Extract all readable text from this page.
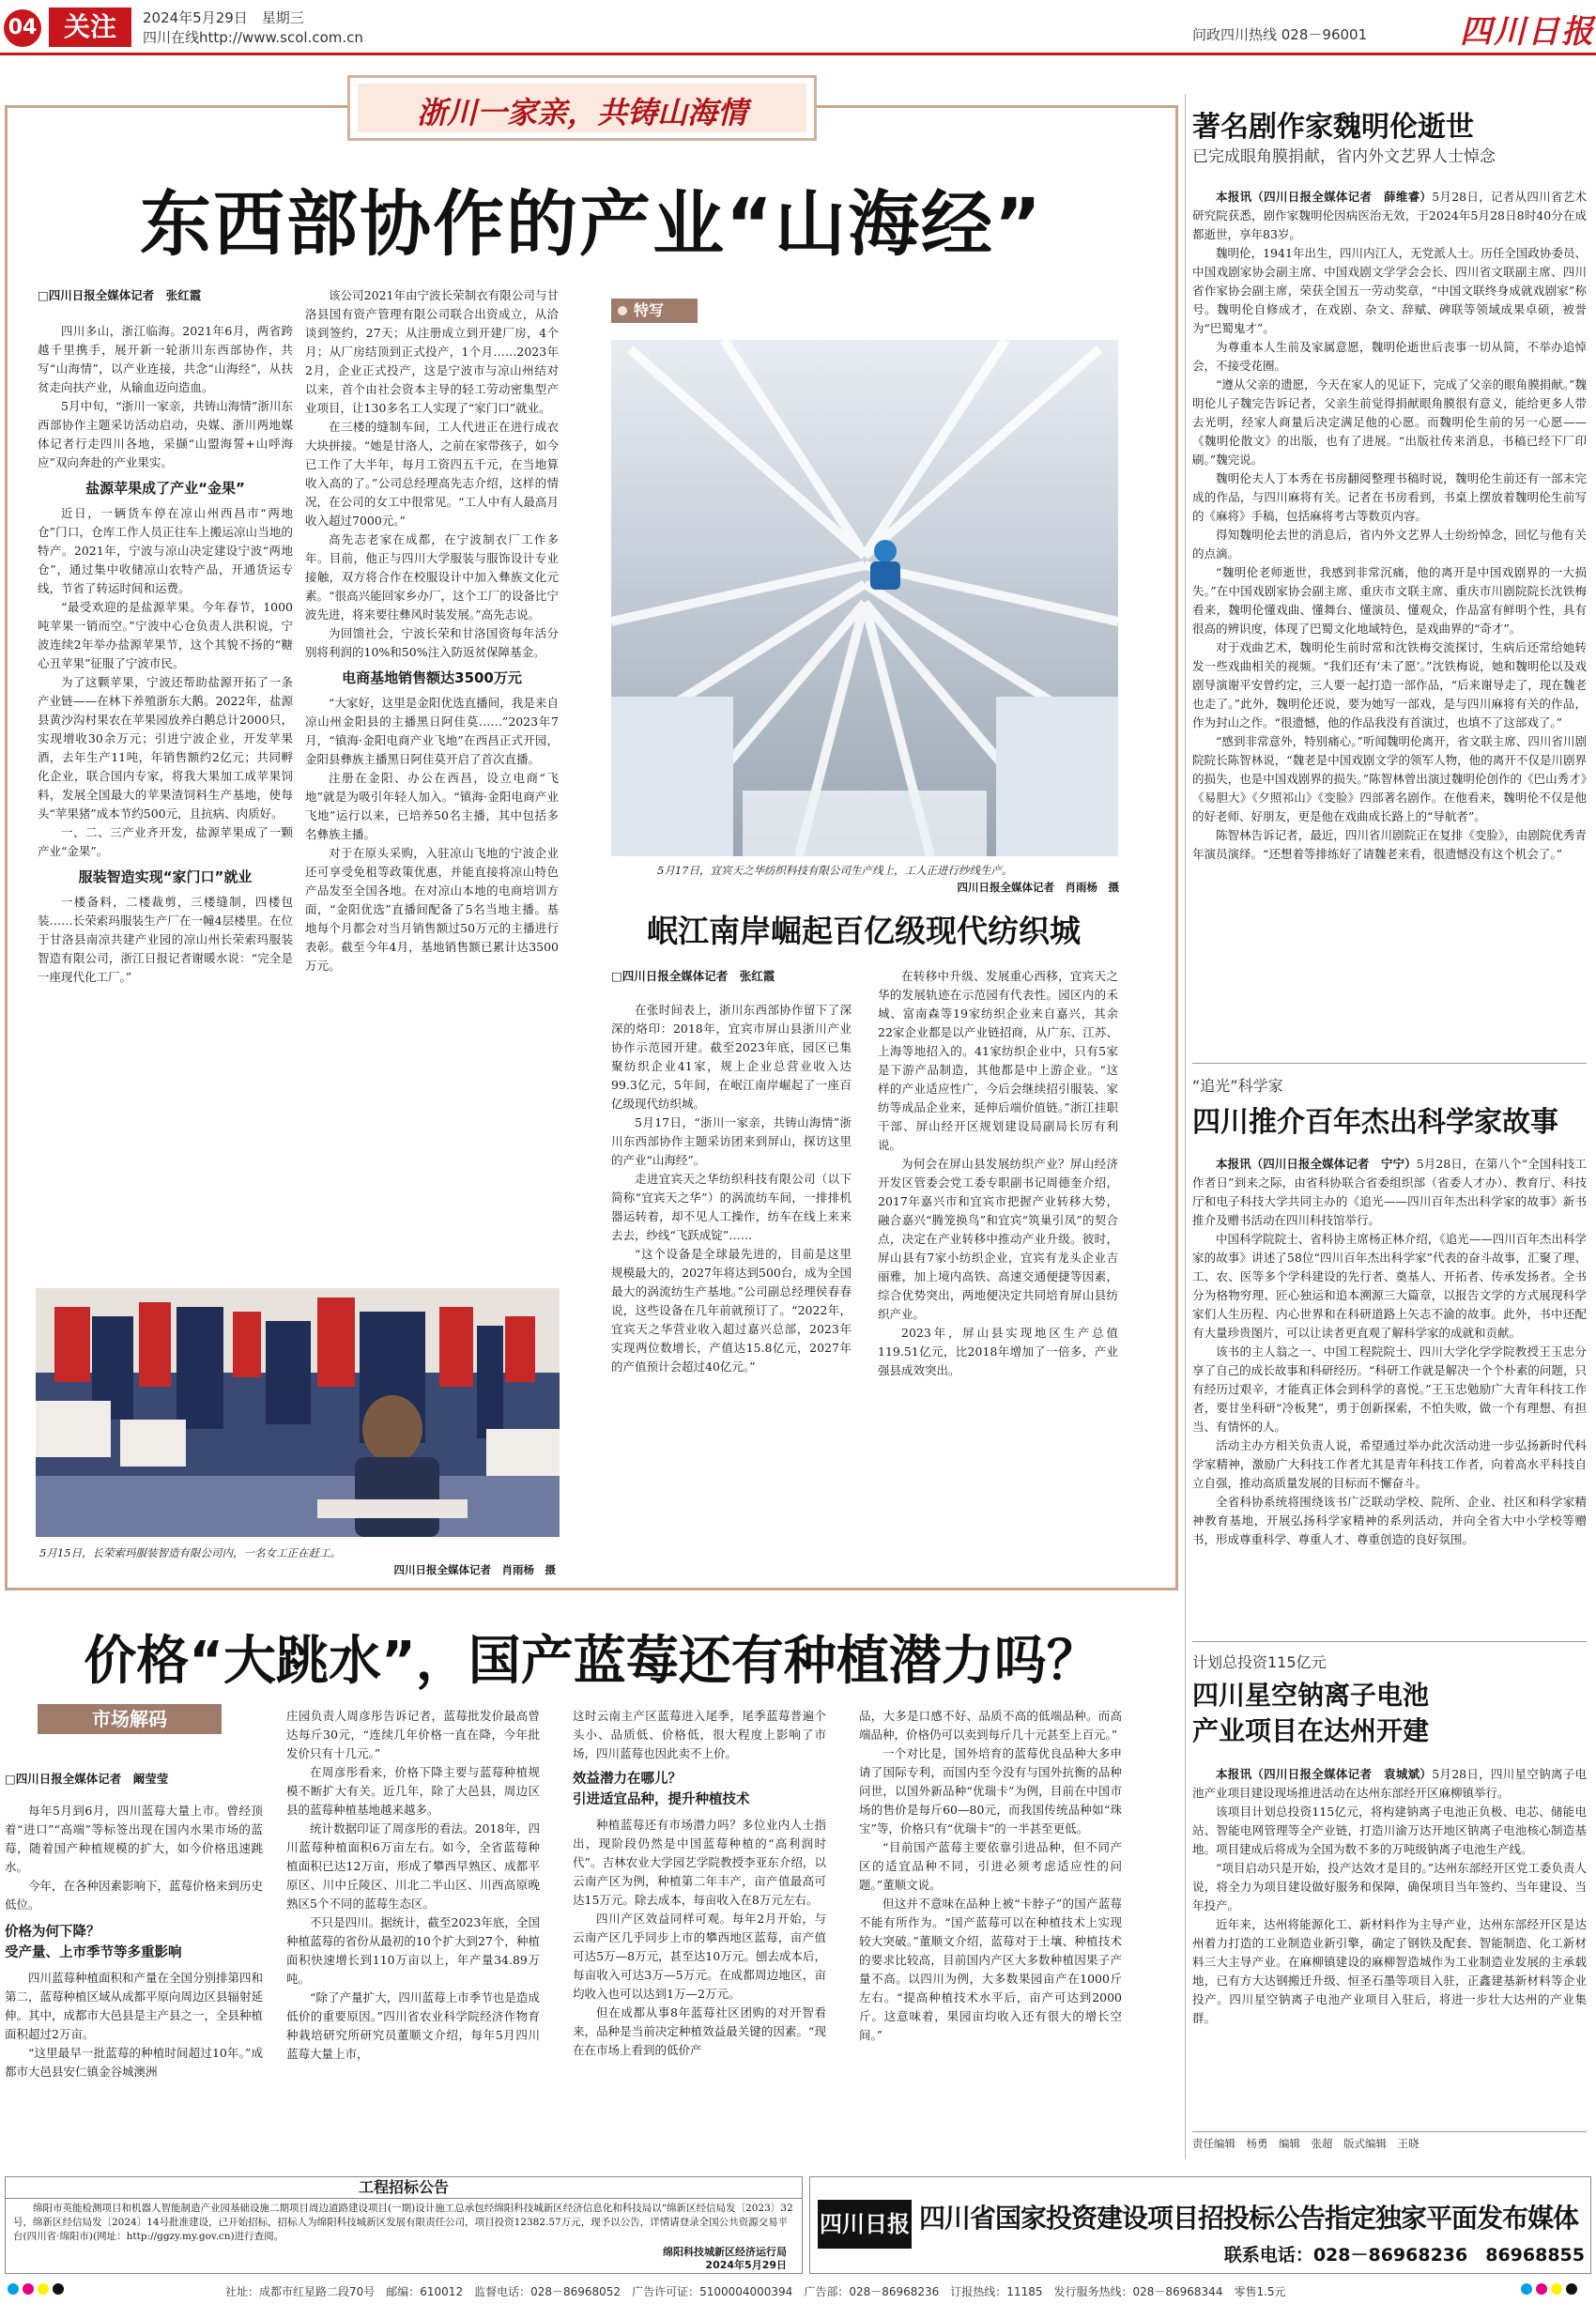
04	关注	2024年5月29日　星期三
四川在线http://www.scol.com.cn	问政四川热线 028－96001	四川日报
浙川一家亲，共铸山海情
东西部协作的产业“山海经”
□四川日报全媒体记者　张红霞

四川多山，浙江临海。2021年6月，两省跨越千里携手，展开新一轮浙川东西部协作，共写“山海情”，以产业连接，共念“山海经”，从扶贫走向扶产业，从输血迈向造血。

5月中旬，“浙川一家亲，共铸山海情”浙川东西部协作主题采访活动启动，央媒、浙川两地媒体记者行走四川各地，采撷“山盟海誓+山呼海应”双向奔赴的产业果实。

盐源苹果成了产业“金果”

近日，一辆货车停在凉山州西昌市“两地仓”门口，仓库工作人员正往车上搬运凉山当地的特产。2021年，宁波与凉山决定建设宁波“两地仓”，通过集中收储凉山农特产品，开通货运专线，节省了转运时间和运费。

“最受欢迎的是盐源苹果。今年春节，1000吨苹果一销而空。”宁波中心仓负责人洪积说，宁波连续2年举办盐源苹果节，这个其貌不扬的“糖心丑苹果”征服了宁波市民。

为了这颗苹果，宁波还帮助盐源开拓了一条产业链——在林下养殖浙东大鹅。2022年，盐源县黄沙沟村果农在苹果园放养白鹅总计2000只，实现增收30余万元；引进宁波企业，开发苹果酒，去年生产11吨，年销售额约2亿元；共同孵化企业，联合国内专家，将我大果加工成苹果饲料，发展全国最大的苹果渣饲料生产基地，使每头“苹果猪”成本节约500元，且抗病、肉质好。

一、二、三产业齐开发，盐源苹果成了一颗产业“金果”。

服装智造实现“家门口”就业

一楼备料，二楼裁剪，三楼缝制，四楼包装……长荣索玛服装生产厂在一幢4层楼里。在位于甘洛县南凉共建产业园的凉山州长荣索玛服装智造有限公司，浙江日报记者谢暖水说：“完全是一座现代化工厂。”

该公司2021年由宁波长荣制衣有限公司与甘洛县国有资产管理有限公司联合出资成立，从洽谈到签约，27天；从注册成立到开建厂房，4个月；从厂房结顶到正式投产，1个月……2023年2月，企业正式投产，这是宁波市与凉山州结对以来，首个由社会资本主导的轻工劳动密集型产业项目，让130多名工人实现了“家门口”就业。

在三楼的缝制车间，工人代进正在进行成衣大块拼接。“她是甘洛人，之前在家带孩子，如今已工作了大半年，每月工资四五千元，在当地算收入高的了。”公司总经理高先志介绍，这样的情况，在公司的女工中很常见。“工人中有人最高月收入超过7000元。”

高先志老家在成都，在宁波制衣厂工作多年。目前，他正与四川大学服装与服饰设计专业接触，双方将合作在校服设计中加入彝族文化元素。“很高兴能回家乡办厂，这个工厂的设备比宁波先进，将来要往彝风时装发展。”高先志说。

为回馈社会，宁波长荣和甘洛国资每年活分别将利润的10%和50%注入防返贫保障基金。

电商基地销售额达3500万元

“大家好，这里是金阳优选直播间，我是来自凉山州金阳县的主播黑日阿佳莫……”2023年7月，“镇海·金阳电商产业飞地”在西昌正式开园，金阳县彝族主播黑日阿佳莫开启了首次直播。

注册在金阳、办公在西昌，设立电商“飞地”就是为吸引年轻人加入。“镇海·金阳电商产业飞地”运行以来，已培养50名主播，其中包括多名彝族主播。

对于在原头采购，入驻凉山飞地的宁波企业还可享受免租等政策优惠，并能直接将凉山特色产品发至全国各地。在对凉山本地的电商培训方面，“金阳优选”直播间配备了5名当地主播。基地每个月都会对当月销售额过50万元的主播进行表彰。截至今年4月，基地销售额已累计达3500万元。

5月15日，长荣索玛服装智造有限公司内，一名女工正在赶工。
四川日报全媒体记者　肖雨杨　摄
特写
5月17日，宜宾天之华纺织科技有限公司生产线上，工人正进行纱线生产。
四川日报全媒体记者　肖雨杨　摄
岷江南岸崛起百亿级现代纺织城
□四川日报全媒体记者　张红霞

在张时间表上，浙川东西部协作留下了深深的烙印：2018年，宜宾市屏山县浙川产业协作示范园开建。截至2023年底，园区已集聚纺织企业41家，规上企业总营业收入达99.3亿元，5年间，在岷江南岸崛起了一座百亿级现代纺织城。

5月17日，“浙川一家亲，共铸山海情”浙川东西部协作主题采访团来到屏山，探访这里的产业“山海经”。

走进宜宾天之华纺织科技有限公司（以下简称“宜宾天之华”）的涡流纺车间，一排排机器运转着，却不见人工操作，纺车在线上来来去去，纱线“飞跃成锭”……

“这个设备是全球最先进的，目前是这里规模最大的，2027年将达到500台，成为全国最大的涡流纺生产基地。”公司副总经理侯春春说，这些设备在几年前就预订了。“2022年，宜宾天之华营业收入超过嘉兴总部，2023年实现两位数增长，产值达15.8亿元，2027年的产值预计会超过40亿元。”

在转移中升级、发展重心西移，宜宾天之华的发展轨迹在示范园有代表性。园区内的禾城、富南森等19家纺织企业来自嘉兴，其余22家企业都是以产业链招商，从广东、江苏、上海等地招入的。41家纺织企业中，只有5家是下游产品制造，其他都是中上游企业。“这样的产业适应性广，今后会继续招引服装、家纺等成品企业来，延伸后端价值链。”浙江挂职干部、屏山经开区规划建设局副局长厉有利说。

为何会在屏山县发展纺织产业？屏山经济开发区管委会党工委专职副书记周德奎介绍，2017年嘉兴市和宜宾市把握产业转移大势，融合嘉兴“腾笼换鸟”和宜宾“筑巢引凤”的契合点，决定在产业转移中推动产业升级。彼时，屏山县有7家小纺织企业，宜宾有龙头企业吉丽雅，加上境内高铁、高速交通便捷等因素，综合优势突出，两地便决定共同培育屏山县纺织产业。

2023年，屏山县实现地区生产总值119.51亿元，比2018年增加了一倍多，产业强县成效突出。

著名剧作家魏明伦逝世
已完成眼角膜捐献，省内外文艺界人士悼念

本报讯（四川日报全媒体记者　薛维睿）5月28日，记者从四川省艺术研究院获悉，剧作家魏明伦因病医治无效，于2024年5月28日8时40分在成都逝世，享年83岁。

魏明伦，1941年出生，四川内江人，无党派人士。历任全国政协委员、中国戏剧家协会副主席、中国戏剧文学学会会长、四川省文联副主席、四川省作家协会副主席，荣获全国五一劳动奖章，“中国文联终身成就戏剧家”称号。魏明伦自修成才，在戏剧、杂文、辞赋、碑联等领域成果卓硕，被誉为“巴蜀鬼才”。

为尊重本人生前及家属意愿，魏明伦逝世后丧事一切从简，不举办追悼会，不接受花圈。

“遵从父亲的遗愿，今天在家人的见证下，完成了父亲的眼角膜捐献。”魏明伦儿子魏完告诉记者，父亲生前觉得捐献眼角膜很有意义，能给更多人带去光明，经家人商量后决定满足他的心愿。而魏明伦生前的另一心愿——《魏明伦散文》的出版，也有了进展。“出版社传来消息，书稿已经下厂印刷。”魏完说。

魏明伦夫人丁本秀在书房翻阅整理书稿时说，魏明伦生前还有一部未完成的作品，与四川麻将有关。记者在书房看到，书桌上摆放着魏明伦生前写的《麻将》手稿，包括麻将考古等数页内容。

得知魏明伦去世的消息后，省内外文艺界人士纷纷悼念，回忆与他有关的点滴。

“魏明伦老师逝世，我感到非常沉痛，他的离开是中国戏剧界的一大损失。”在中国戏剧家协会副主席、重庆市文联主席、重庆市川剧院院长沈铁梅看来，魏明伦懂戏曲、懂舞台、懂演员、懂观众，作品富有鲜明个性，具有很高的辨识度，体现了巴蜀文化地域特色，是戏曲界的“奇才”。

对于戏曲艺术，魏明伦生前时常和沈铁梅交流探讨，生病后还常给她转发一些戏曲相关的视频。“我们还有‘未了愿’。”沈铁梅说，她和魏明伦以及戏剧导演谢平安曾约定，三人要一起打造一部作品，“后来谢导走了，现在魏老也走了。”此外，魏明伦还说，要为她写一部戏，是与四川麻将有关的作品，作为封山之作。“很遗憾，他的作品我没有首演过，也填不了这部戏了。”

“感到非常意外，特别痛心。”听闻魏明伦离开，省文联主席、四川省川剧院院长陈智林说，“魏老是中国戏剧文学的领军人物，他的离开不仅是川剧界的损失，也是中国戏剧界的损失。”陈智林曾出演过魏明伦创作的《巴山秀才》《易胆大》《夕照祁山》《变脸》四部著名剧作。在他看来，魏明伦不仅是他的好老师、好朋友，更是他在戏曲成长路上的“导航者”。

陈智林告诉记者，最近，四川省川剧院正在复排《变脸》，由剧院优秀青年演员演绎。“还想着等排练好了请魏老来看，很遗憾没有这个机会了。”

“追光”科学家
四川推介百年杰出科学家故事

本报讯（四川日报全媒体记者　宁宁）5月28日，在第八个“全国科技工作者日”到来之际，由省科协联合省委组织部（省委人才办）、教育厅、科技厅和电子科技大学共同主办的《追光——四川百年杰出科学家的故事》新书推介及赠书活动在四川科技馆举行。

中国科学院院士、省科协主席杨正林介绍，《追光——四川百年杰出科学家的故事》讲述了58位“四川百年杰出科学家”代表的奋斗故事，汇聚了理、工、农、医等多个学科建设的先行者、奠基人、开拓者、传承发扬者。全书分为格物穷理、匠心独运和追本溯源三大篇章，以报告文学的方式展现科学家们人生历程、内心世界和在科研道路上矢志不渝的故事。此外，书中还配有大量珍贵图片，可以让读者更直观了解科学家的成就和贡献。

该书的主人翁之一、中国工程院院士、四川大学化学学院教授王玉忠分享了自己的成长故事和科研经历。“科研工作就是解决一个个朴素的问题，只有经历过艰辛，才能真正体会到科学的喜悦。”王玉忠勉励广大青年科技工作者，要甘坐科研“冷板凳”，勇于创新探索，不怕失败，做一个有理想、有担当、有情怀的人。

活动主办方相关负责人说，希望通过举办此次活动进一步弘扬新时代科学家精神，激励广大科技工作者尤其是青年科技工作者，向着高水平科技自立自强，推动高质量发展的目标而不懈奋斗。

全省科协系统将围绕该书广泛联动学校、院所、企业、社区和科学家精神教育基地，开展弘扬科学家精神的系列活动，并向全省大中小学校等赠书，形成尊重科学、尊重人才、尊重创造的良好氛围。

计划总投资115亿元
四川星空钠离子电池
产业项目在达州开建

本报讯（四川日报全媒体记者　袁城斌）5月28日，四川星空钠离子电池产业项目建设现场推进活动在达州东部经开区麻柳镇举行。

该项目计划总投资115亿元，将构建钠离子电池正负极、电芯、储能电站、智能电网管理等全产业链，打造川渝万达开地区钠离子电池核心制造基地。项目建成后将成为全国为数不多的万吨级钠离子电池生产线。

“项目启动只是开始，投产达效才是目的。”达州东部经开区党工委负责人说，将全力为项目建设做好服务和保障，确保项目当年签约、当年建设、当年投产。

近年来，达州将能源化工、新材料作为主导产业，达州东部经开区是达州着力打造的工业制造业新引擎，确定了钢铁及配套、智能制造、化工新材料三大主导产业。在麻柳镇建设的麻柳智造城作为工业制造业发展的主承载地，已有方大达钢搬迁升级、恒圣石墨等项目入驻，正鑫建基新材料等企业投产。四川星空钠离子电池产业项目入驻后，将进一步壮大达州的产业集群。

责任编辑　杨勇　编辑　张超　版式编辑　王晓
价格“大跳水”，国产蓝莓还有种植潜力吗？
市场解码
□四川日报全媒体记者　阚莹莹

每年5月到6月，四川蓝莓大量上市。曾经顶着“进口”“高端”等标签出现在国内水果市场的蓝莓，随着国产种植规模的扩大，如今价格迅速跳水。

今年，在各种因素影响下，蓝莓价格来到历史低位。

价格为何下降？
受产量、上市季节等多重影响

四川蓝莓种植面积和产量在全国分别排第四和第二，蓝莓种植区域从成都平原向周边区县辐射延伸。其中，成都市大邑县是主产县之一，全县种植面积超过2万亩。

“这里最早一批蓝莓的种植时间超过10年。”成都市大邑县安仁镇金谷城澳洲

庄园负责人周彦彤告诉记者，蓝莓批发价最高曾达每斤30元，“连续几年价格一直在降，今年批发价只有十几元。”

在周彦彤看来，价格下降主要与蓝莓种植规模不断扩大有关。近几年，除了大邑县，周边区县的蓝莓种植基地越来越多。

统计数据印证了周彦彤的看法。2018年，四川蓝莓种植面积6万亩左右。如今，全省蓝莓种植面积已达12万亩，形成了攀西早熟区、成都平原区、川中丘陵区、川北二半山区、川西高原晚熟区5个不同的蓝莓生态区。

不只是四川。据统计，截至2023年底，全国种植蓝莓的省份从最初的10个扩大到27个，种植面积快速增长到110万亩以上，年产量34.89万吨。

“除了产量扩大，四川蓝莓上市季节也是造成低价的重要原因。”四川省农业科学院经济作物育种栽培研究所研究员董顺文介绍，每年5月四川蓝莓大量上市，

这时云南主产区蓝莓进入尾季，尾季蓝莓普遍个头小、品质低、价格低，很大程度上影响了市场，四川蓝莓也因此卖不上价。

效益潜力在哪儿？
引进适宜品种，提升种植技术

种植蓝莓还有市场潜力吗？多位业内人士指出，现阶段仍然是中国蓝莓种植的“高利润时代”。吉林农业大学园艺学院教授李亚东介绍，以云南产区为例，种植第二年丰产，亩产值最高可达15万元。除去成本，每亩收入在8万元左右。

四川产区效益同样可观。每年2月开始，与云南产区几乎同步上市的攀西地区蓝莓，亩产值可达5万—8万元，甚至达10万元。刨去成本后，每亩收入可达3万—5万元。在成都周边地区，亩均收入也可以达到1万—2万元。

但在成都从事8年蓝莓社区团购的对开智看来，品种是当前决定种植效益最关键的因素。“现在在市场上看到的低价产

品，大多是口感不好、品质不高的低端品种。而高端品种，价格仍可以卖到每斤几十元甚至上百元。”

一个对比是，国外培育的蓝莓优良品种大多申请了国际专利，而国内至今没有与国外抗衡的品种问世，以国外新品种“优瑞卡”为例，目前在中国市场的售价是每斤60—80元，而我国传统品种如“珠宝”等，价格只有“优瑞卡”的一半甚至更低。

“目前国产蓝莓主要依靠引进品种，但不同产区的适宜品种不同，引进必须考虑适应性的问题。”董顺文说。

但这并不意味在品种上被“卡脖子”的国产蓝莓不能有所作为。“国产蓝莓可以在种植技术上实现较大突破。”董顺文介绍，蓝莓对于土壤、种植技术的要求比较高，目前国内产区大多数种植因果子产量不高。以四川为例，大多数果园亩产在1000斤左右。“提高种植技术水平后，亩产可达到2000斤。这意味着，果园亩均收入还有很大的增长空间。”

工程招标公告
绵阳市英能检测项目和机器人智能制造产业园基础设施二期项目周边道路建设项目(一期)设计施工总承包经绵阳科技城新区经济信息化和科技局以“绵新区经信局发〔2023〕32号，绵新区经信局发〔2024〕14号批准建设，已开始招标，招标人为绵阳科技城新区发展有限责任公司，项目投资12382.57万元，现予以公告，详情请登录全国公共资源交易平台(四川省·绵阳市)(网址：http://ggzy.my.gov.cn)进行查阅。
绵阳科技城新区经济运行局
2024年5月29日
四川日报 四川省国家投资建设项目招投标公告指定独家平面发布媒体
联系电话：028－86968236　86968855
社址：成都市红星路二段70号　邮编：610012　监督电话：028－86968052　广告许可证：5100004000394　广告部：028－86968236　订报热线：11185　发行服务热线：028－86968344　零售1.5元
